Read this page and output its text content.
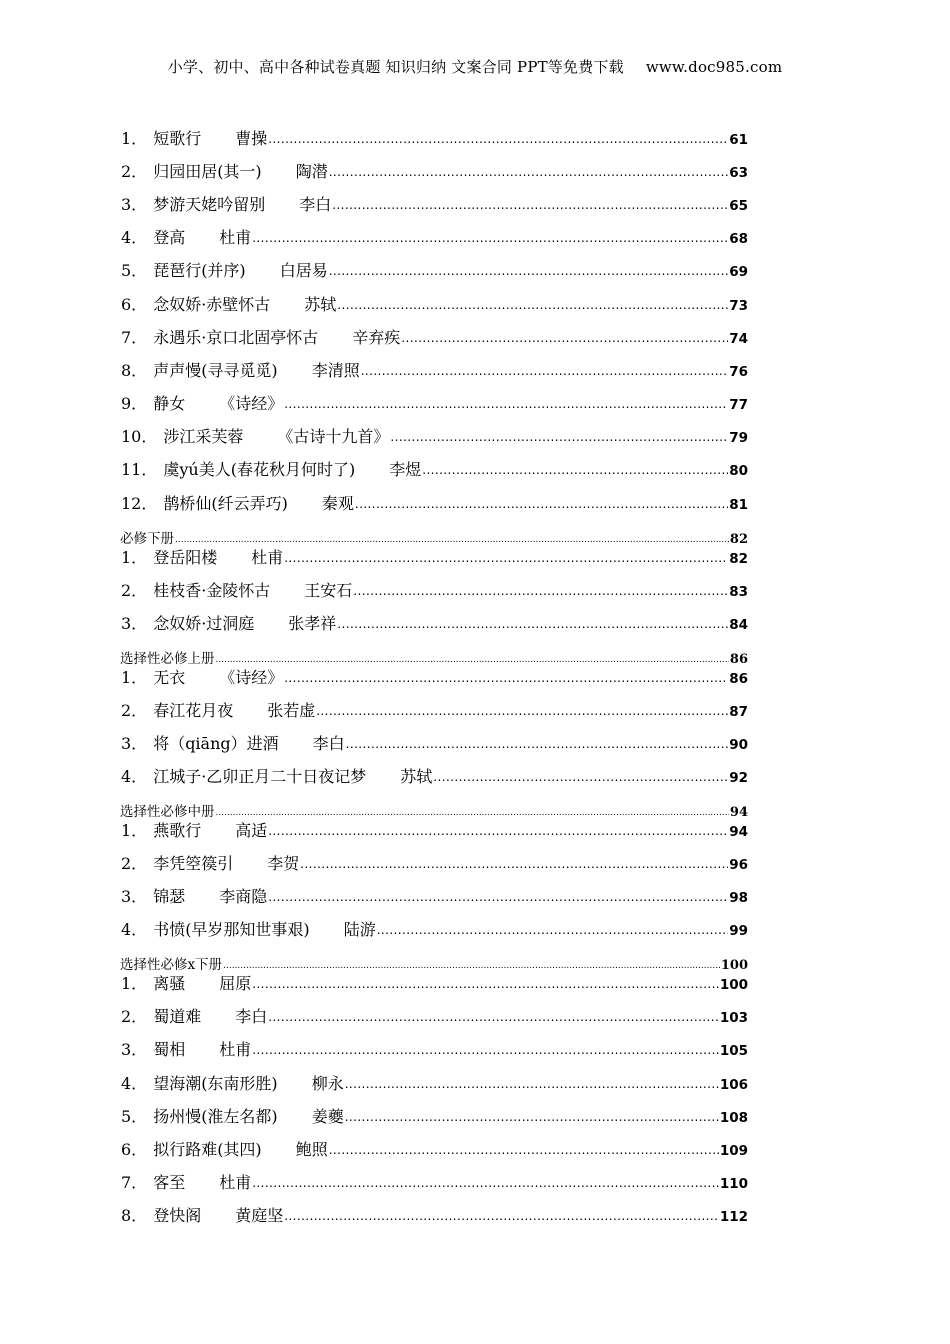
小学、初中、高中各种试卷真题 知识归纳 文案合同 PPT等免费下载 www.doc985.com
1． 短歌行 曹操 .....	61
2． 归园田居(其一) 陶潜 .....	63
3． 梦游天姥吟留别 李白 .....	65
4． 登高 杜甫 .....	68
5． 琵琶行(并序) 白居易 .....	69
6． 念奴娇·赤壁怀古 苏轼 .....	73
7． 永遇乐·京口北固亭怀古 辛弃疾 .....	74
8． 声声慢(寻寻觅觅) 李清照 .....	76
9． 静女 《诗经》 .....	77
10． 涉江采芙蓉 《古诗十九首》 .....	79
11． 虞yú美人(春花秋月何时了) 李煜 .....	80
12． 鹊桥仙(纤云弄巧) 秦观 .....	81
必修下册 .....	82
1． 登岳阳楼 杜甫 .....	82
2． 桂枝香·金陵怀古 王安石 .....	83
3． 念奴娇·过洞庭 张孝祥 .....	84
选择性必修上册 .....	86
1． 无衣 《诗经》 .....	86
2． 春江花月夜 张若虚 .....	87
3． 将（qiāng）进酒 李白 .....	90
4． 江城子·乙卯正月二十日夜记梦 苏轼 .....	92
选择性必修中册 .....	94
1． 燕歌行 高适 .....	94
2． 李凭箜篌引 李贺 .....	96
3． 锦瑟 李商隐 .....	98
4． 书愤(早岁那知世事艰) 陆游 .....	99
选择性必修x下册 .....	100
1． 离骚 屈原 .....	100
2． 蜀道难 李白 .....	103
3． 蜀相 杜甫 .....	105
4． 望海潮(东南形胜) 柳永 .....	106
5． 扬州慢(淮左名都) 姜夔 .....	108
6． 拟行路难(其四) 鲍照 .....	109
7． 客至 杜甫 .....	110
8． 登快阁 黄庭坚 .....	112
